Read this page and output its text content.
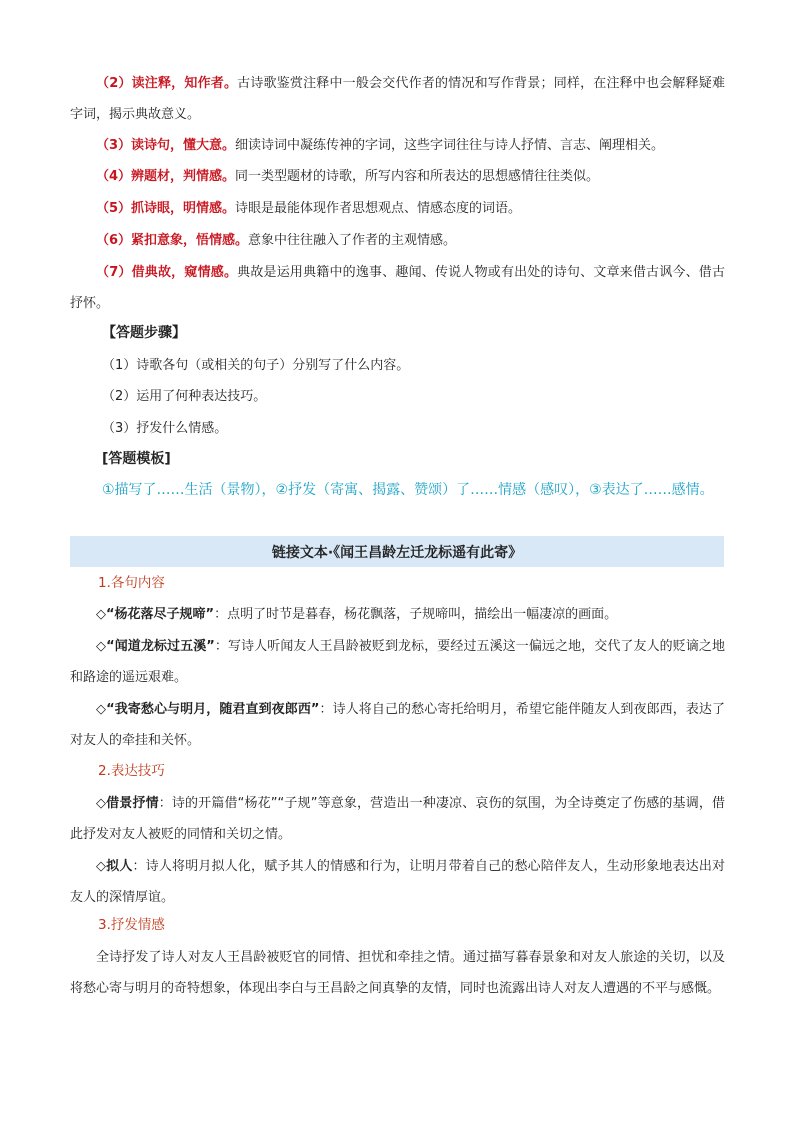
（2）读注释，知作者。古诗歌鉴赏注释中一般会交代作者的情况和写作背景；同样，在注释中也会解释疑难字词，揭示典故意义。

（3）读诗句，懂大意。细读诗词中凝练传神的字词，这些字词往往与诗人抒情、言志、阐理相关。

（4）辨题材，判情感。同一类型题材的诗歌，所写内容和所表达的思想感情往往类似。

（5）抓诗眼，明情感。诗眼是最能体现作者思想观点、情感态度的词语。

（6）紧扣意象，悟情感。意象中往往融入了作者的主观情感。

（7）借典故，窥情感。典故是运用典籍中的逸事、趣闻、传说人物或有出处的诗句、文章来借古讽今、借古抒怀。

【答题步骤】

（1）诗歌各句（或相关的句子）分别写了什么内容。

（2）运用了何种表达技巧。

（3）抒发什么情感。

[答题模板]

①描写了……生活（景物），②抒发（寄寓、揭露、赞颂）了……情感（感叹），③表达了……感情。

链接文本·《闻王昌龄左迁龙标遥有此寄》

1.各句内容

◇“杨花落尽子规啼”：点明了时节是暮春，杨花飘落，子规啼叫，描绘出一幅凄凉的画面。

◇“闻道龙标过五溪”：写诗人听闻友人王昌龄被贬到龙标，要经过五溪这一偏远之地，交代了友人的贬谪之地和路途的遥远艰难。

◇“我寄愁心与明月，随君直到夜郎西”：诗人将自己的愁心寄托给明月，希望它能伴随友人到夜郎西，表达了对友人的牵挂和关怀。

2.表达技巧

◇借景抒情：诗的开篇借“杨花”“子规”等意象，营造出一种凄凉、哀伤的氛围，为全诗奠定了伤感的基调，借此抒发对友人被贬的同情和关切之情。

◇拟人：诗人将明月拟人化，赋予其人的情感和行为，让明月带着自己的愁心陪伴友人，生动形象地表达出对友人的深情厚谊。

3.抒发情感

全诗抒发了诗人对友人王昌龄被贬官的同情、担忧和牵挂之情。通过描写暮春景象和对友人旅途的关切，以及将愁心寄与明月的奇特想象，体现出李白与王昌龄之间真挚的友情，同时也流露出诗人对友人遭遇的不平与感慨。
